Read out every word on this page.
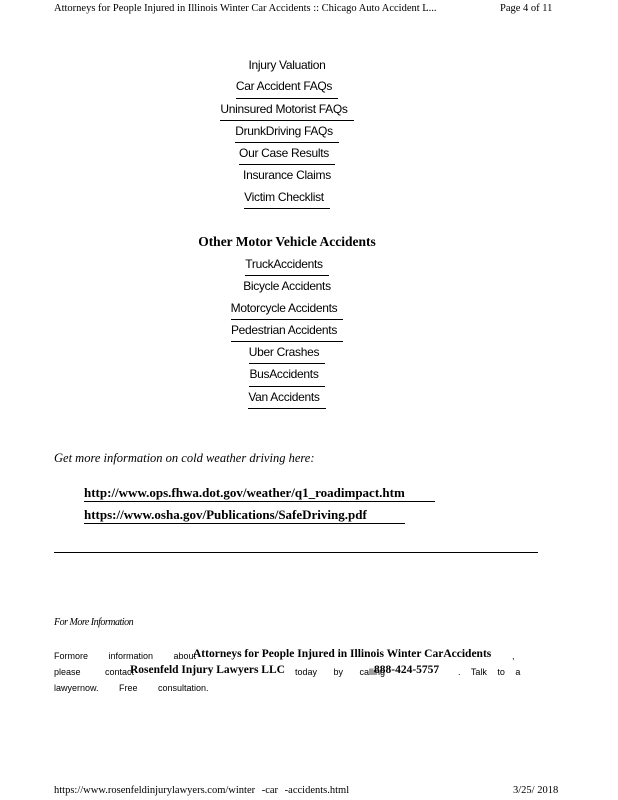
Attorneys for People Injured in Illinois Winter Car Accidents :: Chicago Auto Accident L...	Page 4 of 11
Injury Valuation
Car Accident FAQs
Uninsured Motorist FAQs
DrunkDriving FAQs
Our Case Results
Insurance Claims
Victim Checklist
Other Motor Vehicle Accidents
TruckAccidents
Bicycle Accidents
Motorcycle Accidents
Pedestrian Accidents
Uber Crashes
BusAccidents
Van Accidents
Get more information on cold weather driving here:
http://www.ops.fhwa.dot.gov/weather/q1_roadimpact.htm
https://www.osha.gov/Publications/SafeDriving.pdf
For More Information
Formore information about
Attorneys for People Injured in Illinois Winter CarAccidents ,
please contact
Rosenfeld Injury Lawyers LLC today by calling
888-424-5757 . Talk to a
lawyernow. Free consultation.
https://www.rosenfeldinjurylawyers.com/winter -car -accidents.html	3/25/ 2018
